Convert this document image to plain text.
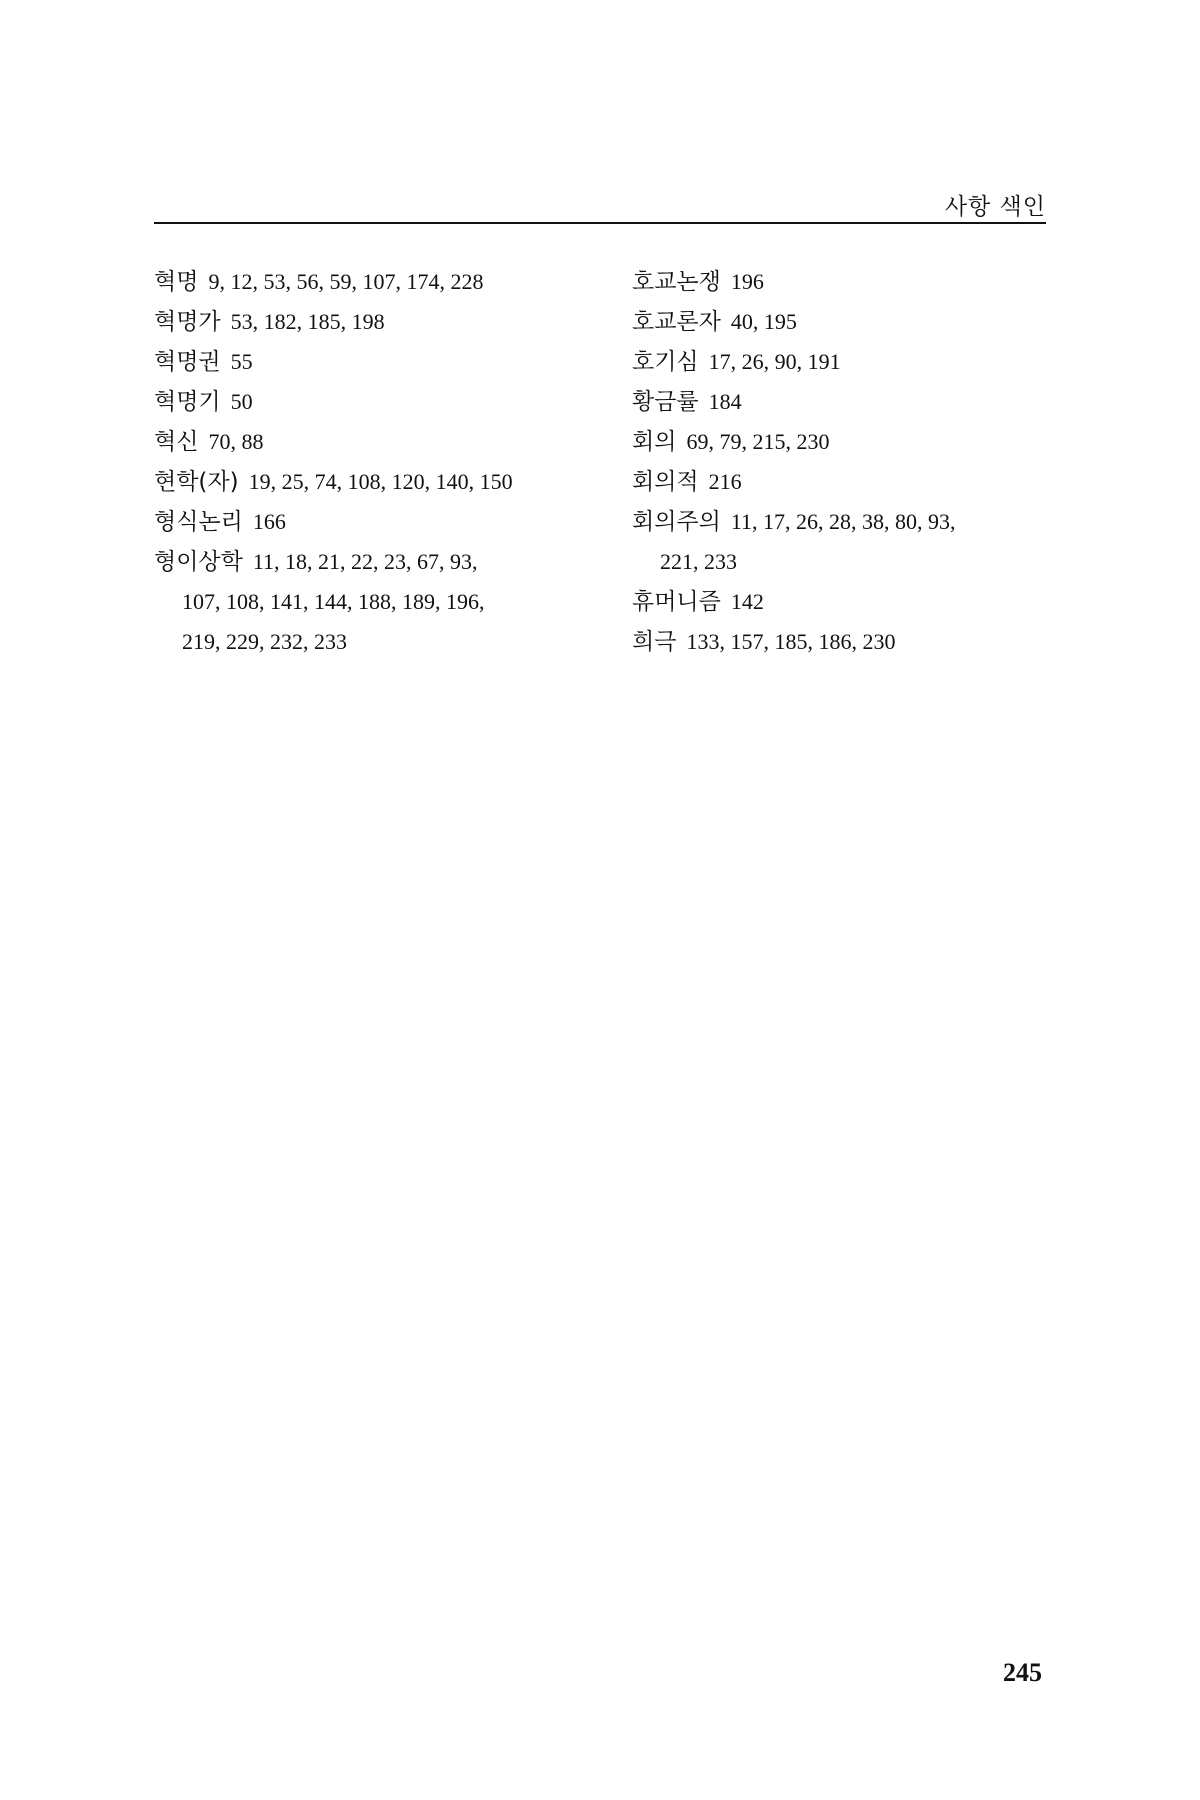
사항 색인
혁명 9, 12, 53, 56, 59, 107, 174, 228
혁명가 53, 182, 185, 198
혁명권 55
혁명기 50
혁신 70, 88
현학(자) 19, 25, 74, 108, 120, 140, 150
형식논리 166
형이상학 11, 18, 21, 22, 23, 67, 93,
107, 108, 141, 144, 188, 189, 196,
219, 229, 232, 233
호교논쟁 196
호교론자 40, 195
호기심 17, 26, 90, 191
황금률 184
회의 69, 79, 215, 230
회의적 216
회의주의 11, 17, 26, 28, 38, 80, 93,
221, 233
휴머니즘 142
희극 133, 157, 185, 186, 230
245
